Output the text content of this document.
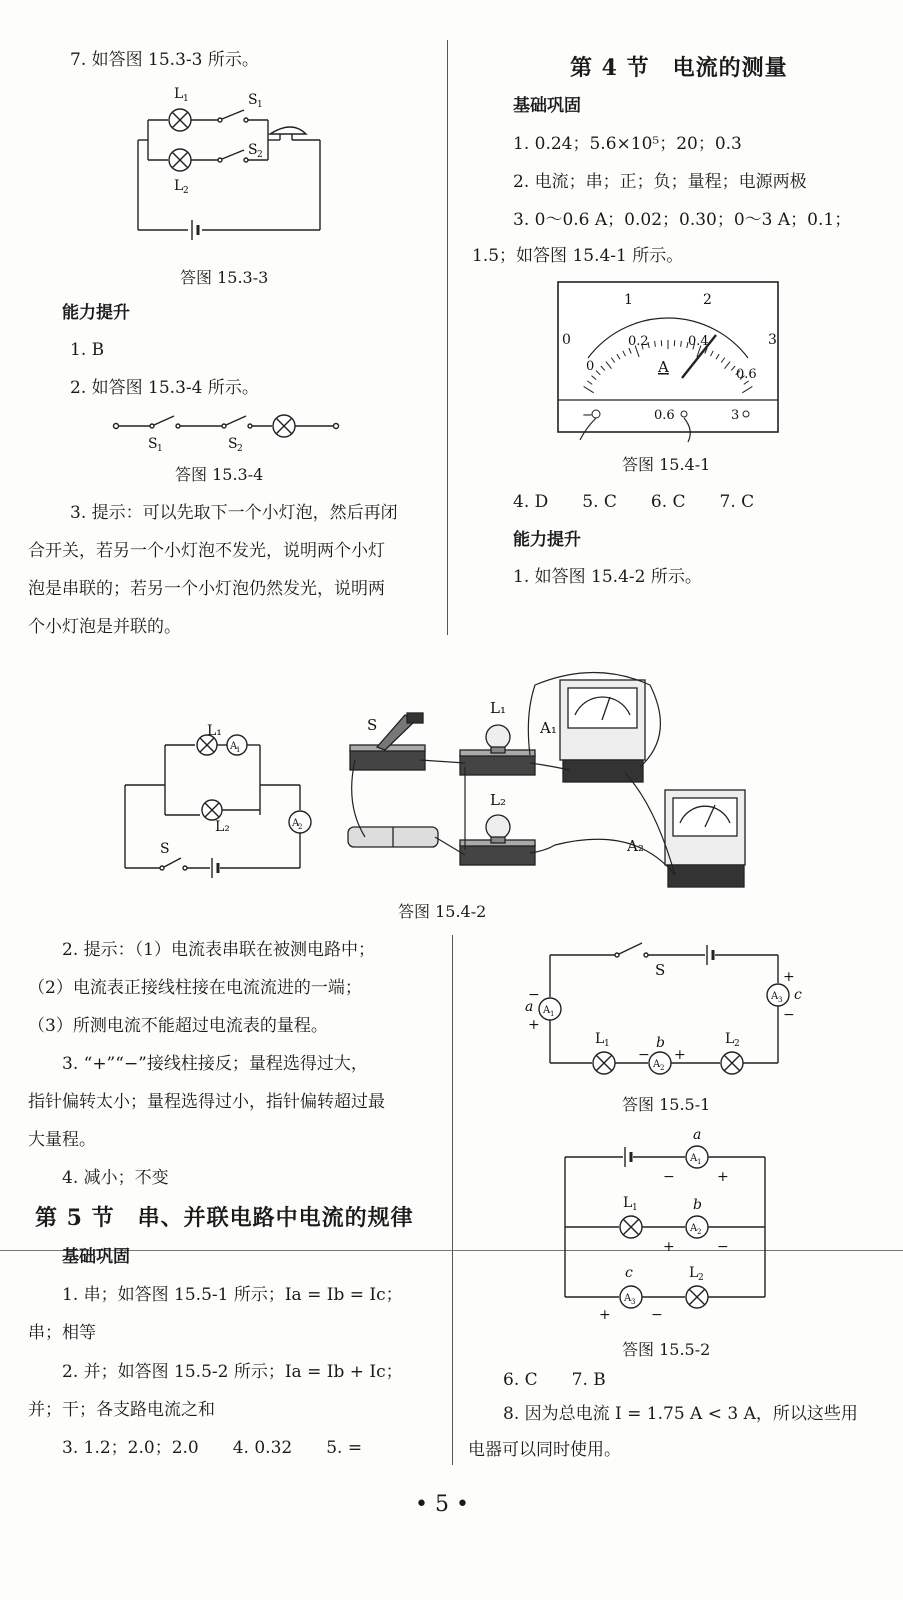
7. 如答图 15.3-3 所示。
L 1	S 1
S 2
L 2
答图 15.3-3
能力提升
1. B
2. 如答图 15.3-4 所示。
S 1	S 2
答图 15.3-4
3. 提示：可以先取下一个小灯泡，然后再闭
合开关，若另一个小灯泡不发光，说明两个小灯
泡是串联的；若另一个小灯泡仍然发光，说明两
个小灯泡是并联的。
第 4 节　电流的测量
基础巩固
1. 0.24；5.6×10⁵；20；0.3
2. 电流；串；正；负；量程；电源两极
3. 0～0.6 A；0.02；0.30；0～3 A；0.1；
1.5；如答图 15.4-1 所示。
0
1	2
3
0
0.2	0.4
0.6
A
−	0.6	3
答图 15.4-1
4. D　　5. C　　6. C　　7. C
能力提升
1. 如答图 15.4-2 所示。
A
1
A
2
L₁
L₂
S
S
L₁
L₂
A₁
A₂
答图 15.4-2
2. 提示：（1）电流表串联在被测电路中；
（2）电流表正接线柱接在电流流进的一端；
（3）所测电流不能超过电流表的量程。
3. “+”“−”接线柱接反；量程选得过大，
指针偏转太小；量程选得过小，指针偏转超过最
大量程。
4. 减小；不变
第 5 节　串、并联电路中电流的规律
基础巩固
1. 串；如答图 15.5-1 所示；Ia = Ib = Ic；
串；相等
2. 并；如答图 15.5-2 所示；Ia = Ib + Ic；
并；干；各支路电流之和
3. 1.2；2.0；2.0　　4. 0.32　　5. =
A 1
A 3
A 2
S
a
−
+
+
−
c
b
− +
L 1	L 2
答图 15.5-1
A 1
A 2
A 3
a
−	+
L 1	b
+	−
c	L 2
+	−
答图 15.5-2
6. C　　7. B
8. 因为总电流 I = 1.75 A < 3 A，所以这些用
电器可以同时使用。
• 5 •
